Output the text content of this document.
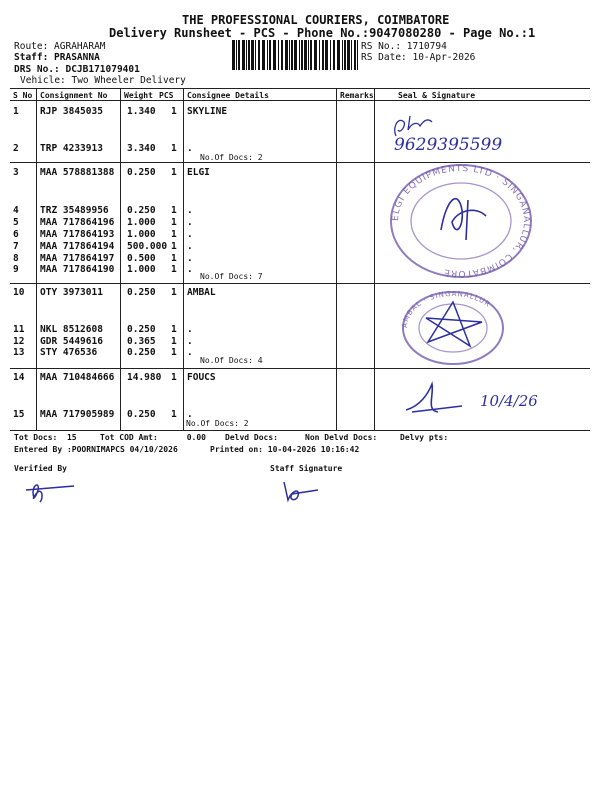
THE PROFESSIONAL COURIERS, COIMBATORE
Delivery Runsheet - PCS - Phone No.:9047080280 - Page No.:1
Route: AGRAHARAM
Staff: PRASANNA
DRS No.: DCJB171079401
Vehicle: Two Wheeler Delivery
RS No.: 1710794
RS Date: 10-Apr-2026
S No Consignment No Weight PCS Consignee Details	Remarks	Seal & Signature
1 RJP 3845035	1.340 1 SKYLINE
2 TRP 4233913	3.340 1 .
3 MAA 578881388 0.250 1 ELGI
4 TRZ 35489956 0.250 1 .
5 MAA 717864196 1.000 1 .
6 MAA 717864193 1.000 1 .
7 MAA 717864194 500.000 1 .
8 MAA 717864197 0.500 1 .
9 MAA 717864190 1.000 1 .
10 OTY 3973011	0.250 1 AMBAL
11 NKL 8512608	0.250 1 .
12 GDR 5449616	0.365 1 .
13 STY 476536	0.250 1 .
14 MAA 710484666 14.980 1 FOUCS
15 MAA 717905989 0.250 1 .
No.Of Docs: 2
No.Of Docs: 7
No.Of Docs: 4
No.Of Docs: 2
9629395599
ELGI EQUIPMENTS LTD · SINGANALLUR, COIMBATORE
AMBAL · SINGANALLUR
10/4/26
Tot Docs:  15	Tot COD Amt:      0.00 Delvd Docs:	Non Delvd Docs:	Delvy pts:
Entered By :POORNIMAPCS 04/10/2026	Printed on: 10-04-2026 10:16:42
Verified By	Staff Signature
